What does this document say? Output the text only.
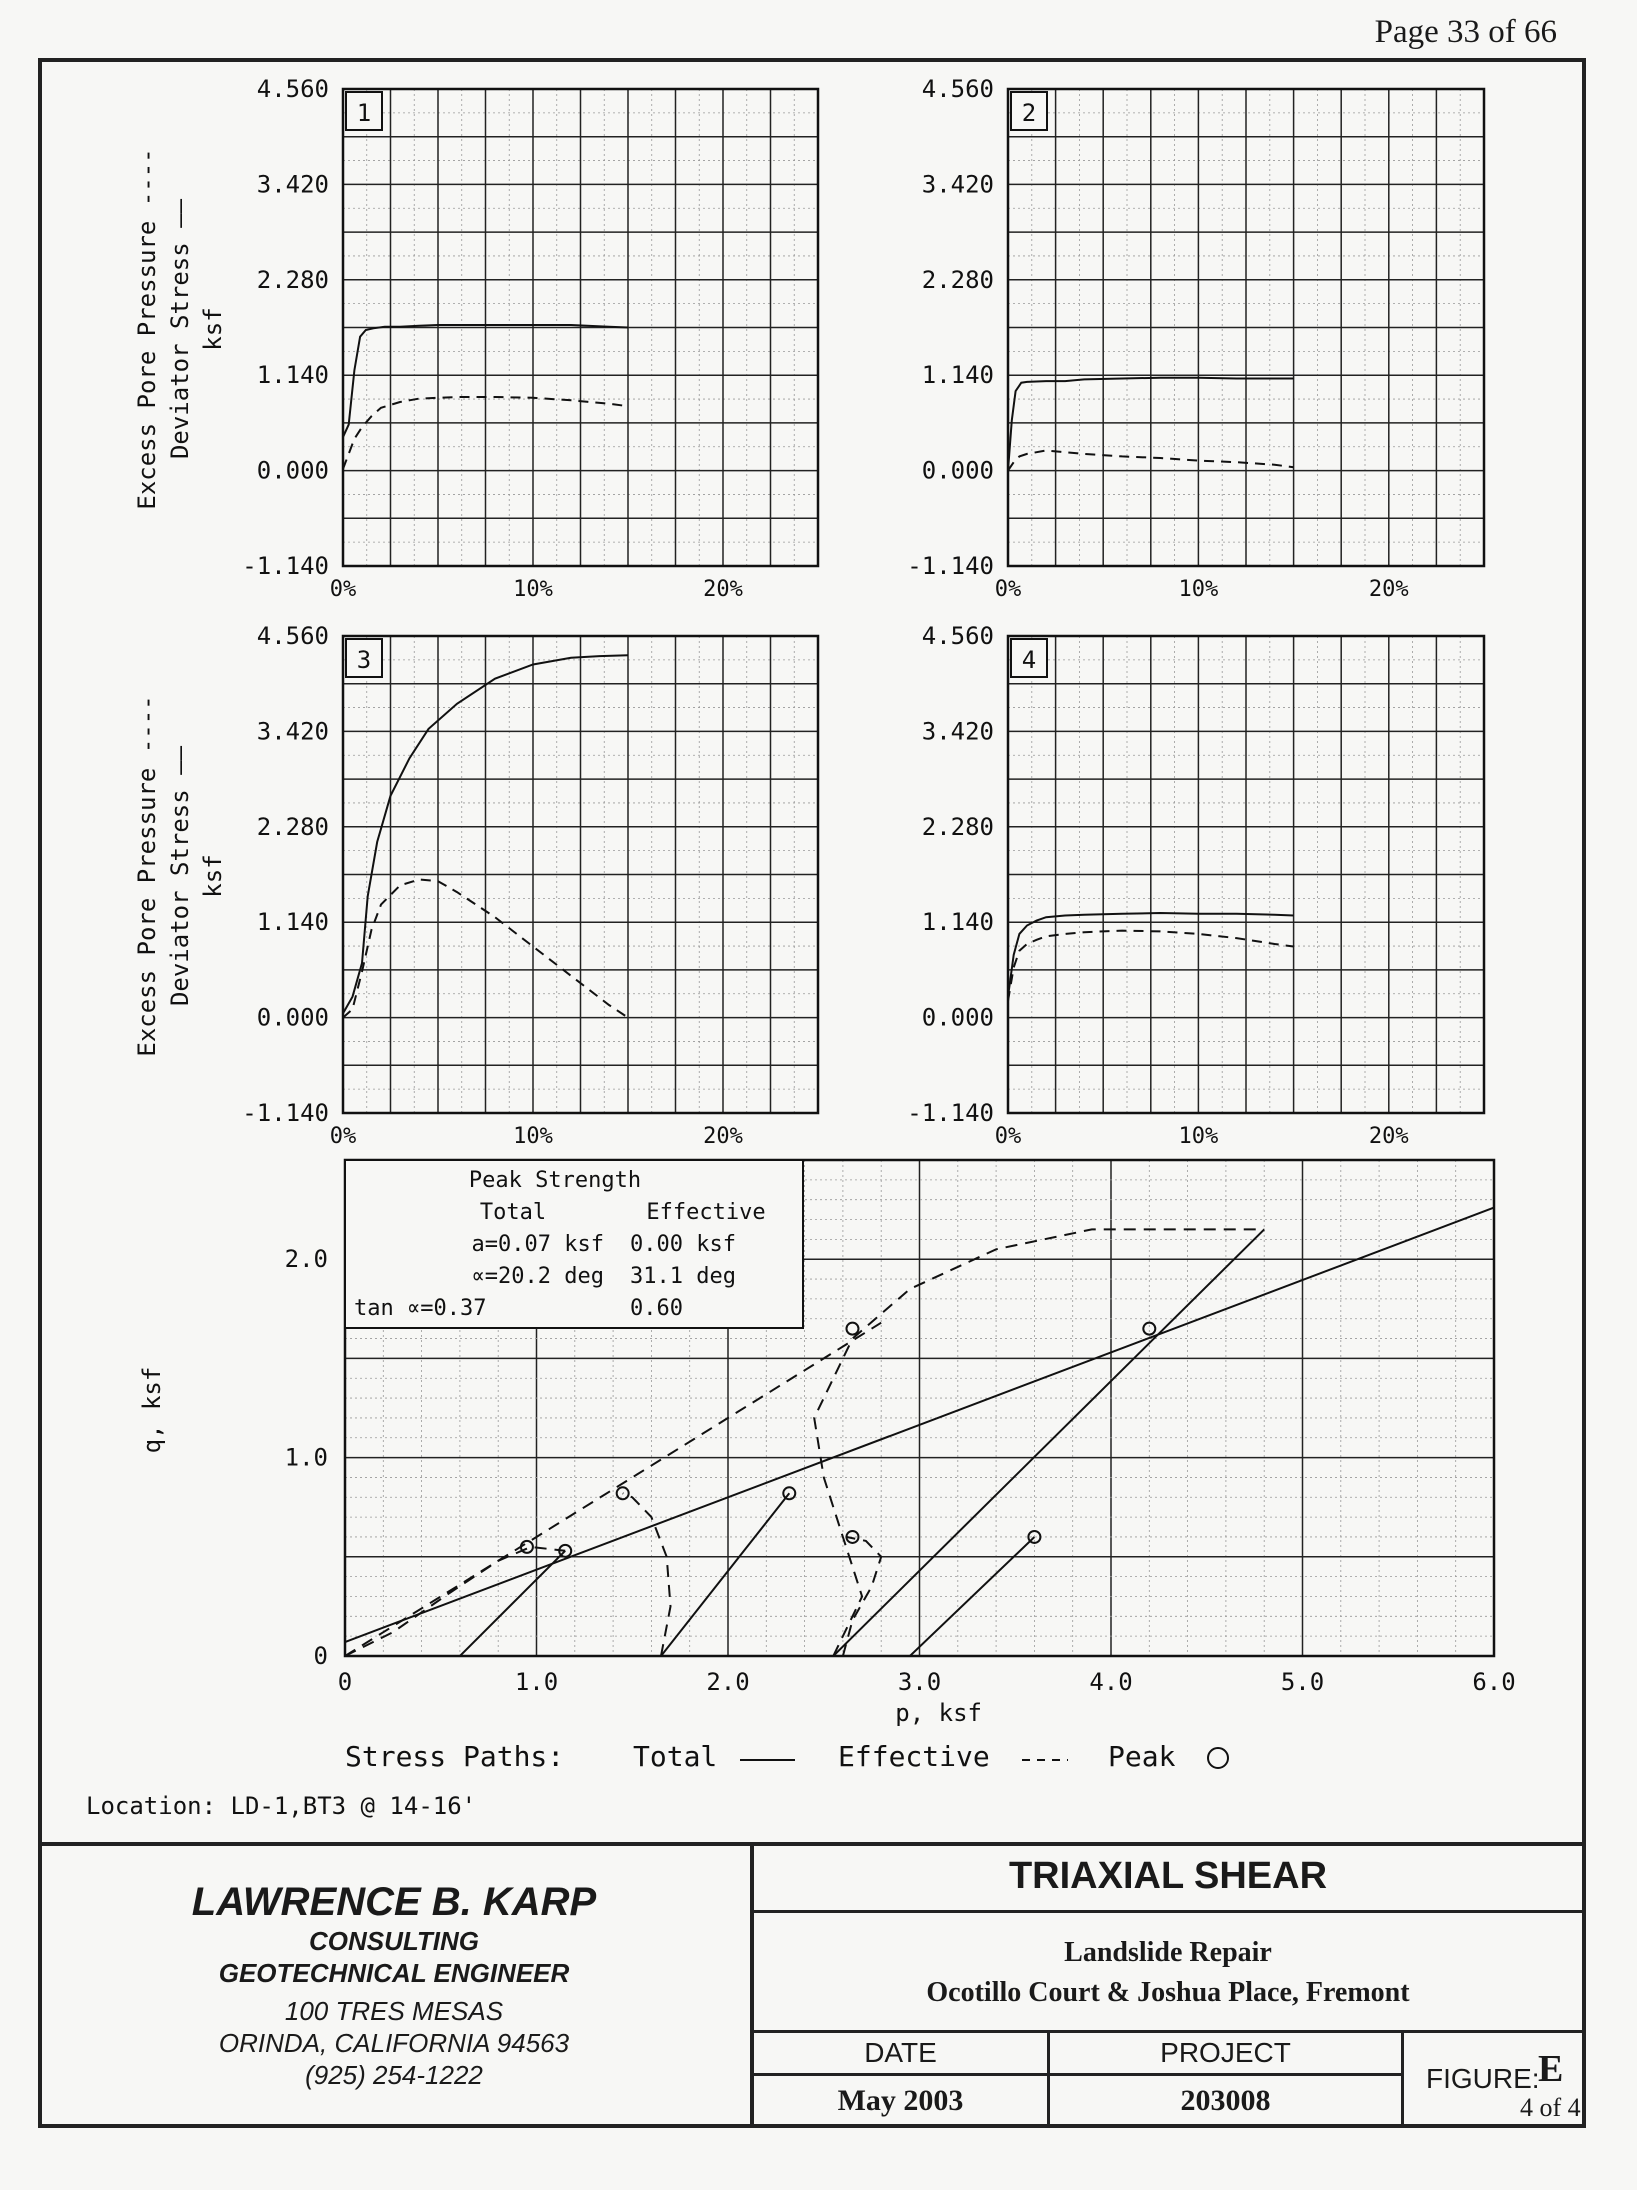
Page 33 of 66
1
4.560
3.420
2.280
1.140
0.000
-1.140
0%	10%	20%
2
4.560
3.420
2.280
1.140
0.000
-1.140
0%	10%	20%
3
4.560
3.420
2.280
1.140
0.000
-1.140
0%	10%	20%
4
4.560
3.420
2.280
1.140
0.000
-1.140
0%	10%	20%
Excess Pore Pressure ---- Deviator Stress —— ksf
Excess Pore Pressure ---- Deviator Stress —— ksf
Peak Strength
Total	Effective
a=0.07 ksf 0.00 ksf
∝=20.2 deg 31.1 deg
tan ∝=0.37	0.60
0	1.0	2.0	3.0	4.0	5.0	6.0
0
1.0
2.0
p, ksf
q, ksf
Stress Paths: Total	Effective	Peak
Location: LD-1,BT3 @ 14-16'
LAWRENCE B. KARP
CONSULTING
GEOTECHNICAL ENGINEER
100 TRES MESAS
ORINDA, CALIFORNIA 94563
(925) 254-1222
TRIAXIAL SHEAR
Landslide Repair
Ocotillo Court & Joshua Place, Fremont
DATE
May 2003
PROJECT
203008
FIGURE:
E
4 of 4
